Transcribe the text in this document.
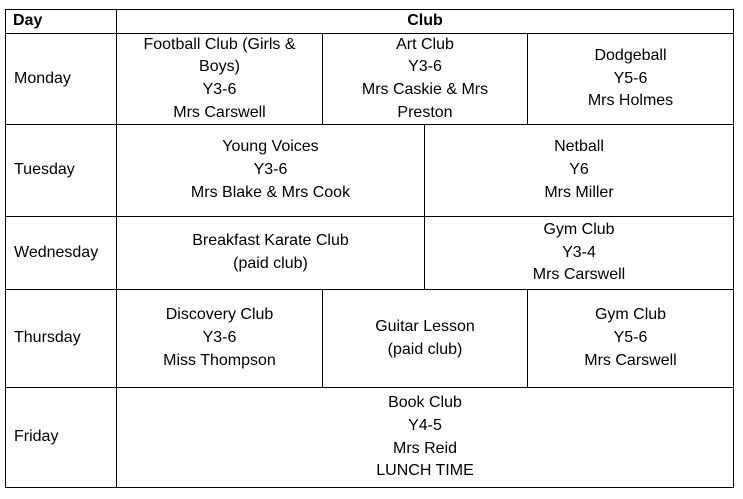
Day	Club
Monday
Football Club (Girls &
Boys)
Y3-6
Mrs Carswell
Art Club
Y3-6
Mrs Caskie & Mrs
Preston
Dodgeball
Y5-6
Mrs Holmes
Tuesday
Young Voices
Y3-6
Mrs Blake & Mrs Cook
Netball
Y6
Mrs Miller
Wednesday
Breakfast Karate Club
(paid club)
Gym Club
Y3-4
Mrs Carswell
Thursday
Discovery Club
Y3-6
Miss Thompson
Guitar Lesson
(paid club)
Gym Club
Y5-6
Mrs Carswell
Friday
Book Club
Y4-5
Mrs Reid
LUNCH TIME
